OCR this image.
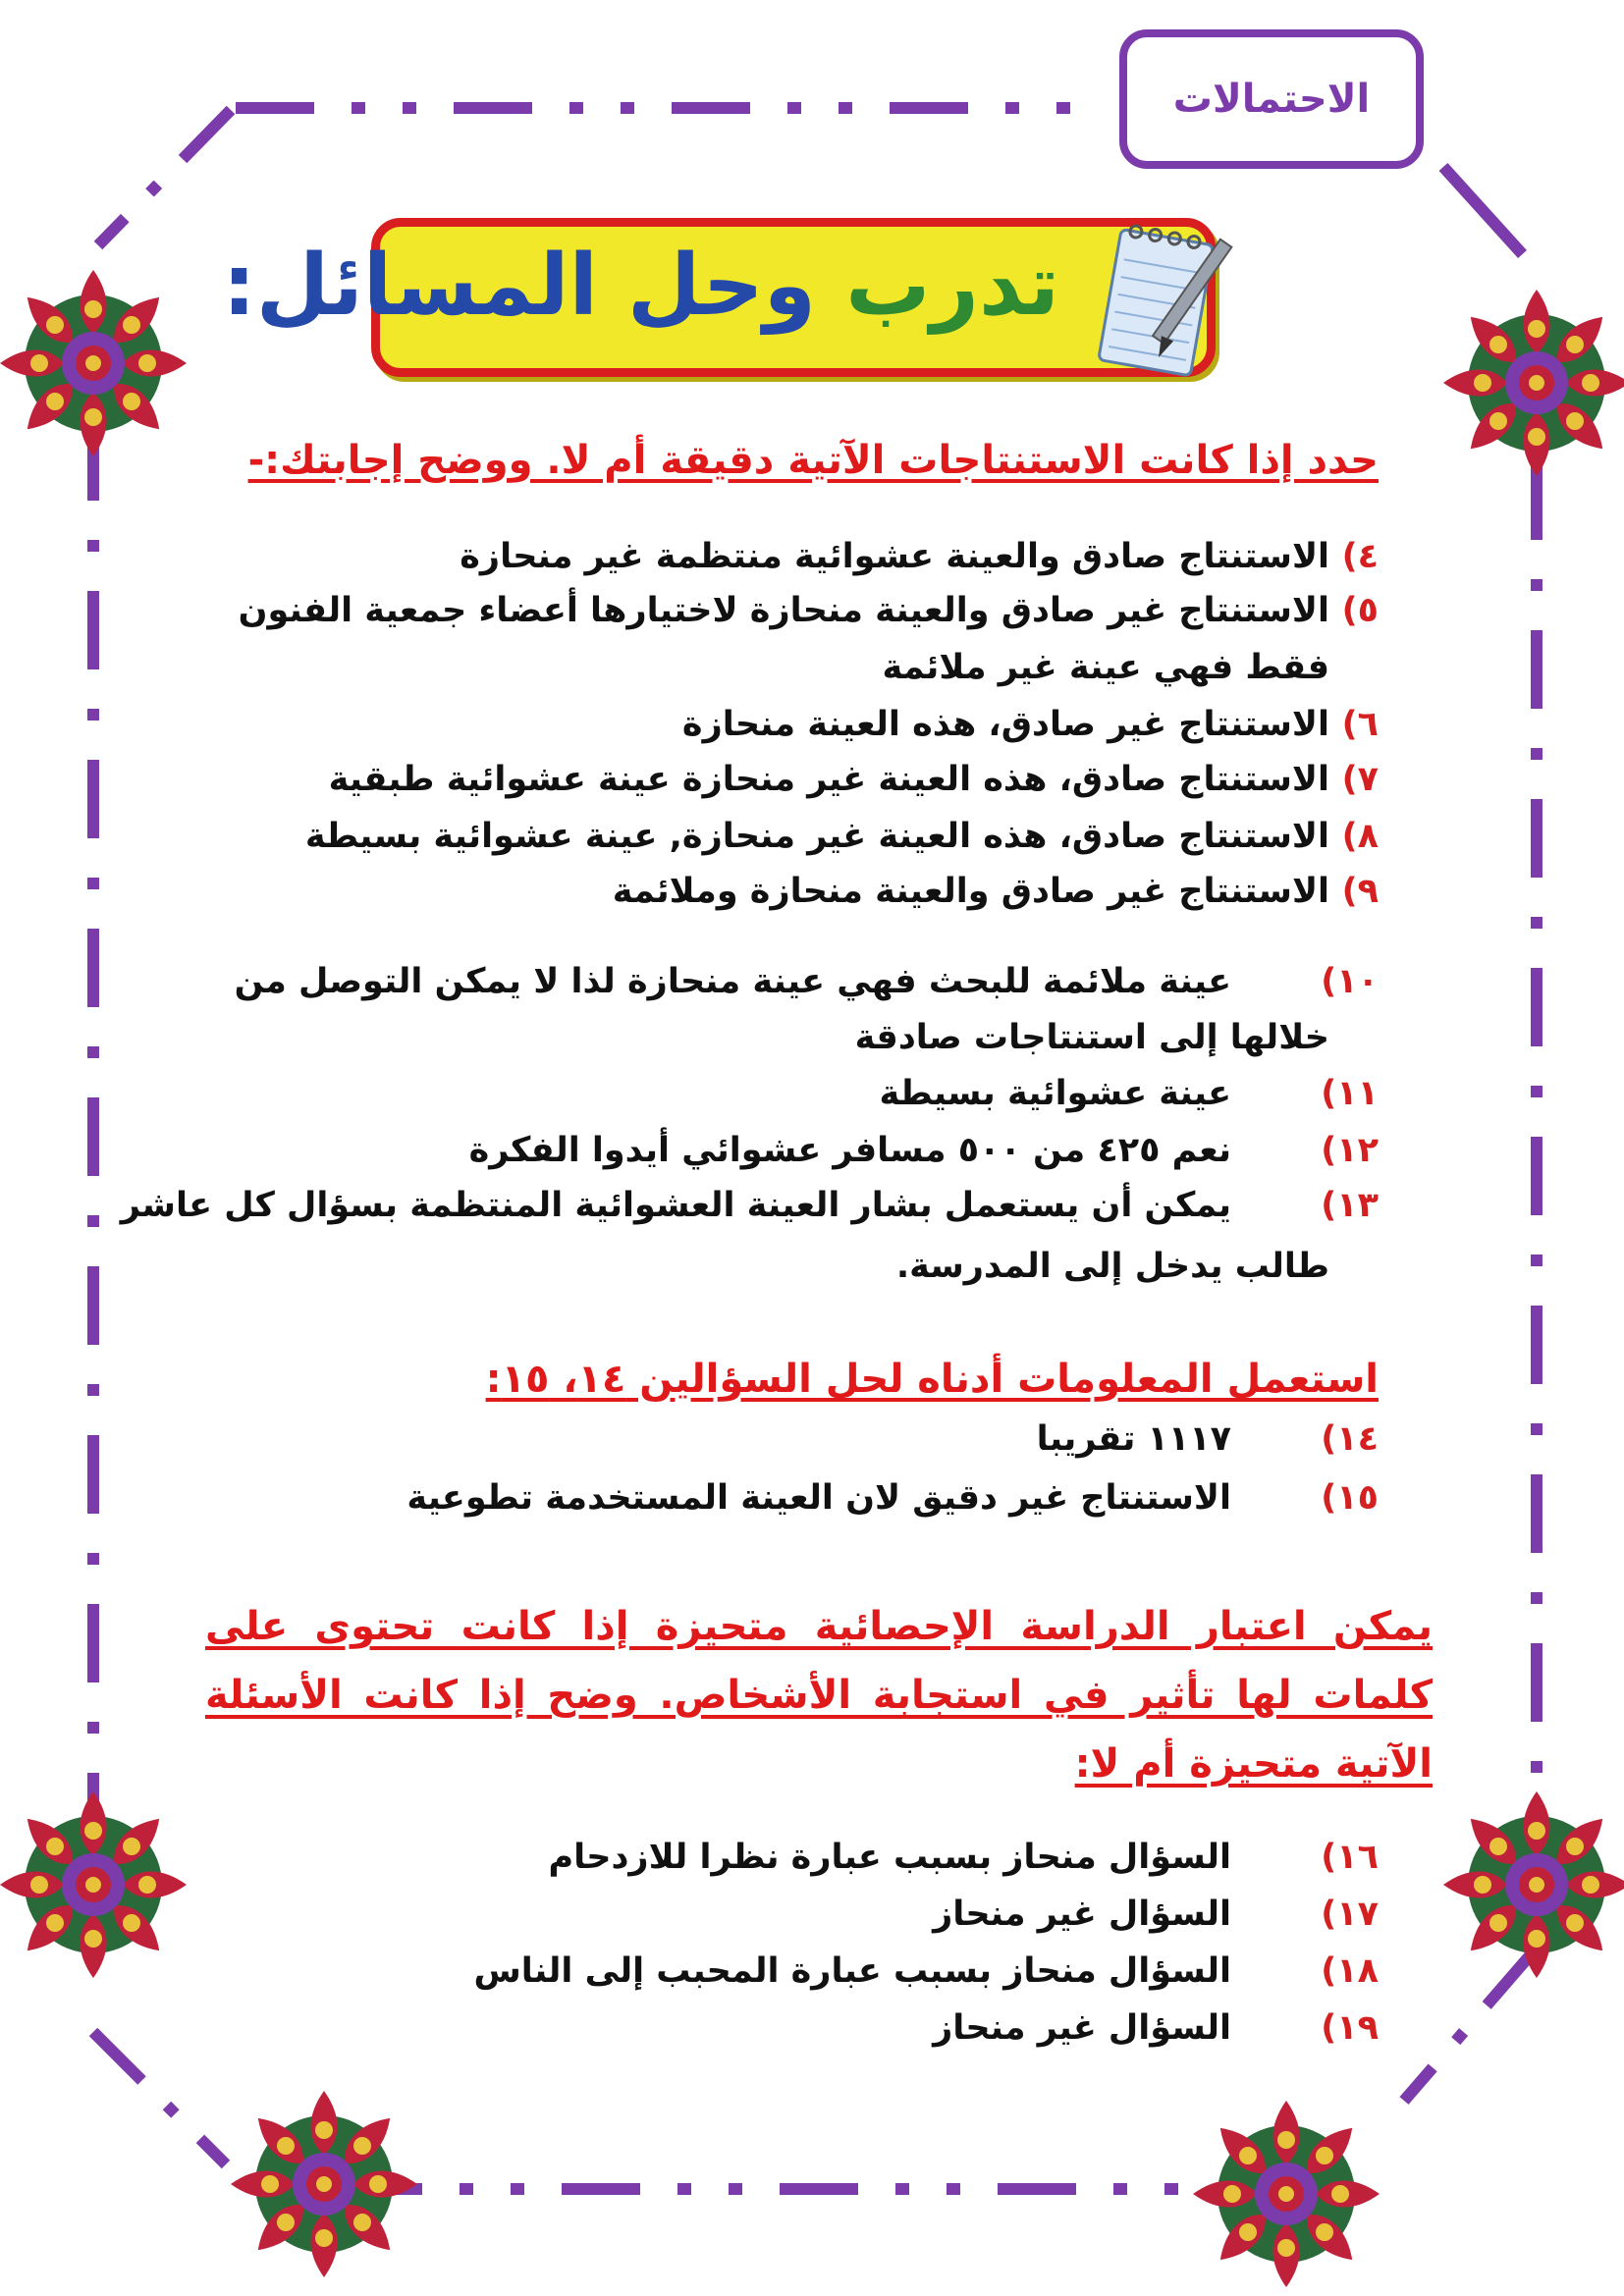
الاحتمالات
تدرب وحل المسائل:
حدد إذا كانت الاستنتاجات الآتية دقيقة أم لا. ووضح إجابتك:-
٤)
الاستنتاج صادق والعينة عشوائية منتظمة غير منحازة
٥)
الاستنتاج غير صادق والعينة منحازة لاختيارها أعضاء جمعية الفنون
فقط فهي عينة غير ملائمة
٦)
الاستنتاج غير صادق، هذه العينة منحازة
٧)
الاستنتاج صادق، هذه العينة غير منحازة عينة عشوائية طبقية
٨)
الاستنتاج صادق، هذه العينة غير منحازة, عينة عشوائية بسيطة
٩)
الاستنتاج غير صادق والعينة منحازة وملائمة
١٠)
عينة ملائمة للبحث فهي عينة منحازة لذا لا يمكن التوصل من
خلالها إلى استنتاجات صادقة
١١)
عينة عشوائية بسيطة
١٢)
نعم ٤٢٥ من ٥٠٠ مسافر عشوائي أيدوا الفكرة
١٣)
يمكن أن يستعمل بشار العينة العشوائية المنتظمة بسؤال كل عاشر
طالب يدخل إلى المدرسة.
استعمل المعلومات أدناه لحل السؤالين ١٤، ١٥:
١٤)
١١١٧ تقريبا
١٥)
الاستنتاج غير دقيق لان العينة المستخدمة تطوعية
يمكن اعتبار الدراسة الإحصائية متحيزة إذا كانت تحتوى على كلمات لها تأثير في استجابة الأشخاص. وضح إذا كانت الأسئلة الآتية متحيزة أم لا:
١٦)
السؤال منحاز بسبب عبارة نظرا للازدحام
١٧)
السؤال غير منحاز
١٨)
السؤال منحاز بسبب عبارة المحبب إلى الناس
١٩)
السؤال غير منحاز
